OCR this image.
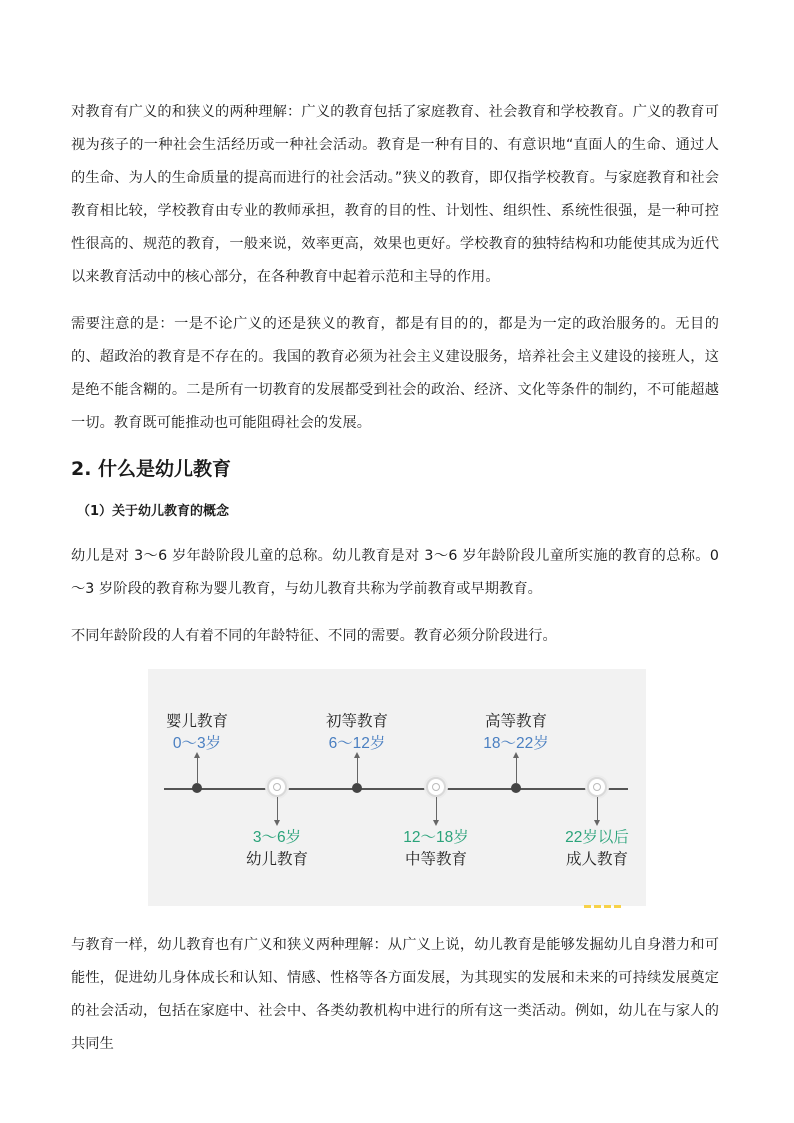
对教育有广义的和狭义的两种理解：广义的教育包括了家庭教育、社会教育和学校教育。广义的教育可视为孩子的一种社会生活经历或一种社会活动。教育是一种有目的、有意识地“直面人的生命、通过人的生命、为人的生命质量的提高而进行的社会活动。”狭义的教育，即仅指学校教育。与家庭教育和社会教育相比较，学校教育由专业的教师承担，教育的目的性、计划性、组织性、系统性很强，是一种可控性很高的、规范的教育，一般来说，效率更高，效果也更好。学校教育的独特结构和功能使其成为近代以来教育活动中的核心部分，在各种教育中起着示范和主导的作用。

需要注意的是：一是不论广义的还是狭义的教育，都是有目的的，都是为一定的政治服务的。无目的的、超政治的教育是不存在的。我国的教育必须为社会主义建设服务，培养社会主义建设的接班人，这是绝不能含糊的。二是所有一切教育的发展都受到社会的政治、经济、文化等条件的制约，不可能超越一切。教育既可能推动也可能阻碍社会的发展。

2. 什么是幼儿教育
（1）关于幼儿教育的概念

幼儿是对 3～6 岁年龄阶段儿童的总称。幼儿教育是对 3～6 岁年龄阶段儿童所实施的教育的总称。0～3 岁阶段的教育称为婴儿教育，与幼儿教育共称为学前教育或早期教育。

不同年龄阶段的人有着不同的年龄特征、不同的需要。教育必须分阶段进行。

婴儿教育
0～3岁
初等教育
6～12岁
高等教育
18～22岁
3～6岁
幼儿教育
12～18岁
中等教育
22岁以后
成人教育

与教育一样，幼儿教育也有广义和狭义两种理解：从广义上说，幼儿教育是能够发掘幼儿自身潜力和可能性，促进幼儿身体成长和认知、情感、性格等各方面发展，为其现实的发展和未来的可持续发展奠定的社会活动，包括在家庭中、社会中、各类幼教机构中进行的所有这一类活动。例如，幼儿在与家人的共同生
